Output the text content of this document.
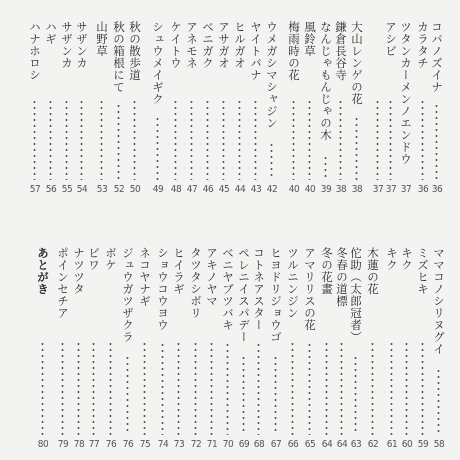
コバノズイナ
36
カラタチ
36
ツタンカーメンノエンドウ
37
アシビ
37
37
大山レンゲの花
38
鎌倉長谷寺
38
なんじゃもんじゃの木
39
風鈴草
40
梅雨時の花
40
ウメガシマシャジン
42
ヤイトバナ
43
ヒルガオ
44
アサガオ
45
ベニガク
46
アネモネ
47
ケイトウ
48
シュウメイギク
49
秋の散歩道
50
秋の箱根にて
52
山野草
53
サザンカ
54
サザンカ
55
ハギ
56
ハナホロシ
57
ママコノシリヌグイ
58
ミズヒキ
59
キク
60
キク
61
木蓮の花
62
佗助（太郎冠者）
63
冬春の道標
64
冬の花畫
64
アマリリスの花
65
ツルニンジン
66
ヒヨドリジョウゴ
67
コトネアスター
68
ペレニイスパデー
69
ベニヤブツバキ
70
アキノヤマ
71
タツタシボリ
72
ヒイラギ
73
ショウコウヨウ
74
ネコヤナギ
75
ジュウガツザクラ
76
ボケ
76
ビワ
77
ナツツタ
78
ポインセチア
79
あとがき
80
